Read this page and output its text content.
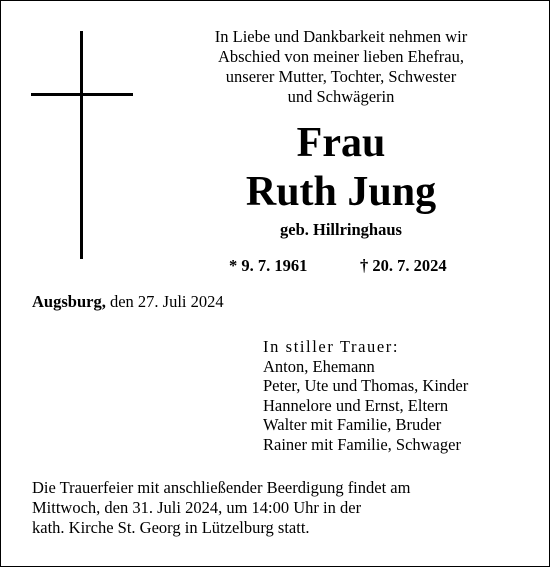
In Liebe und Dankbarkeit nehmen wir
Abschied von meiner lieben Ehefrau,
unserer Mutter, Tochter, Schwester
und Schwägerin
Frau
Ruth Jung
geb. Hillringhaus
* 9. 7. 1961	† 20. 7. 2024
Augsburg, den 27. Juli 2024
In stiller Trauer:
Anton, Ehemann
Peter, Ute und Thomas, Kinder
Hannelore und Ernst, Eltern
Walter mit Familie, Bruder
Rainer mit Familie, Schwager
Die Trauerfeier mit anschließender Beerdigung findet am
Mittwoch, den 31. Juli 2024, um 14:00 Uhr in der
kath. Kirche St. Georg in Lützelburg statt.
